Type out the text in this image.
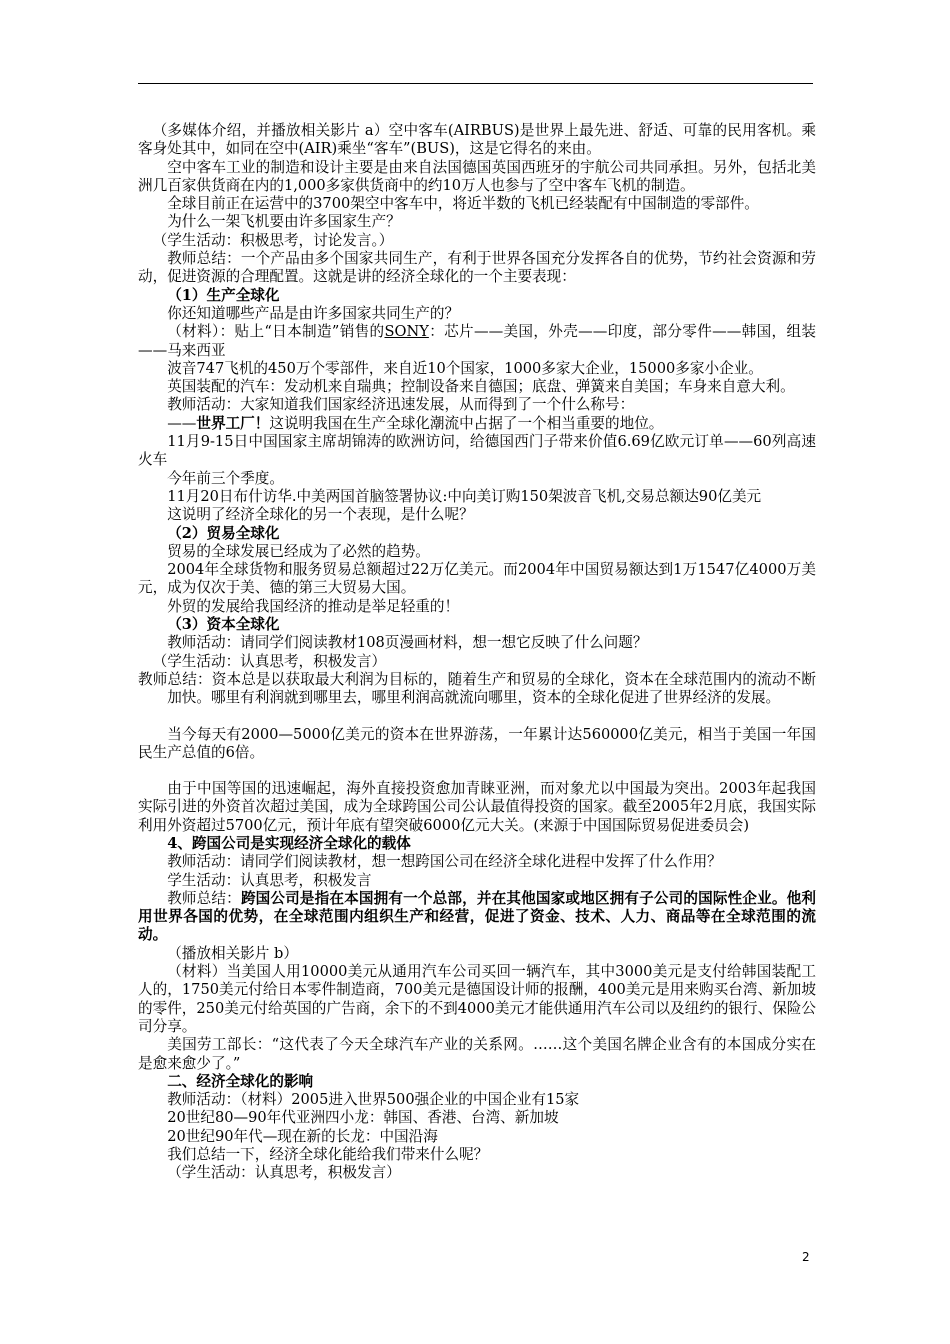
（多媒体介绍，并播放相关影片 a）空中客车(AIRBUS)是世界上最先进、舒适、可靠的民用客机。乘客身处其中，如同在空中(AIR)乘坐“客车”(BUS)，这是它得名的来由。

空中客车工业的制造和设计主要是由来自法国德国英国西班牙的宇航公司共同承担。另外，包括北美洲几百家供货商在内的1,000多家供货商中的约10万人也参与了空中客车飞机的制造。

全球目前正在运营中的3700架空中客车中，将近半数的飞机已经装配有中国制造的零部件。

为什么一架飞机要由许多国家生产？

（学生活动：积极思考，讨论发言。）

教师总结：一个产品由多个国家共同生产，有利于世界各国充分发挥各自的优势，节约社会资源和劳动，促进资源的合理配置。这就是讲的经济全球化的一个主要表现：

（1）生产全球化

你还知道哪些产品是由许多国家共同生产的？

（材料）：贴上“日本制造”销售的SONY：芯片——美国，外壳——印度，部分零件——韩国，组装——马来西亚

波音747飞机的450万个零部件，来自近10个国家，1000多家大企业，15000多家小企业。

英国装配的汽车：发动机来自瑞典；控制设备来自德国；底盘、弹簧来自美国；车身来自意大利。

教师活动：大家知道我们国家经济迅速发展，从而得到了一个什么称号：

——世界工厂！这说明我国在生产全球化潮流中占据了一个相当重要的地位。

11月9-15日中国国家主席胡锦涛的欧洲访问，给德国西门子带来价值6.69亿欧元订单——60列高速火车

今年前三个季度。

11月20日布什访华.中美两国首脑签署协议:中向美订购150架波音飞机,交易总额达90亿美元

这说明了经济全球化的另一个表现，是什么呢？

（2）贸易全球化

贸易的全球发展已经成为了必然的趋势。

2004年全球货物和服务贸易总额超过22万亿美元。而2004年中国贸易额达到1万1547亿4000万美元，成为仅次于美、德的第三大贸易大国。

外贸的发展给我国经济的推动是举足轻重的！

（3）资本全球化

教师活动：请同学们阅读教材108页漫画材料，想一想它反映了什么问题？

（学生活动：认真思考，积极发言）

教师总结：资本总是以获取最大利润为目标的，随着生产和贸易的全球化，资本在全球范围内的流动不断加快。哪里有利润就到哪里去，哪里利润高就流向哪里，资本的全球化促进了世界经济的发展。

当今每天有2000—5000亿美元的资本在世界游荡，一年累计达560000亿美元，相当于美国一年国民生产总值的6倍。

由于中国等国的迅速崛起，海外直接投资愈加青睐亚洲，而对象尤以中国最为突出。2003年起我国实际引进的外资首次超过美国，成为全球跨国公司公认最值得投资的国家。截至2005年2月底，我国实际利用外资超过5700亿元，预计年底有望突破6000亿元大关。(来源于中国国际贸易促进委员会)

4、跨国公司是实现经济全球化的载体

教师活动：请同学们阅读教材，想一想跨国公司在经济全球化进程中发挥了什么作用？

学生活动：认真思考，积极发言

教师总结：跨国公司是指在本国拥有一个总部，并在其他国家或地区拥有子公司的国际性企业。他利用世界各国的优势，在全球范围内组织生产和经营，促进了资金、技术、人力、商品等在全球范围的流动。

（播放相关影片 b）

（材料）当美国人用10000美元从通用汽车公司买回一辆汽车，其中3000美元是支付给韩国装配工人的，1750美元付给日本零件制造商，700美元是德国设计师的报酬，400美元是用来购买台湾、新加坡的零件，250美元付给英国的广告商，余下的不到4000美元才能供通用汽车公司以及纽约的银行、保险公司分享。

美国劳工部长：“这代表了今天全球汽车产业的关系网。……这个美国名牌企业含有的本国成分实在是愈来愈少了。”

二、经济全球化的影响

教师活动：（材料）2005进入世界500强企业的中国企业有15家

20世纪80—90年代亚洲四小龙：韩国、香港、台湾、新加坡

20世纪90年代—现在新的长龙：中国沿海

我们总结一下，经济全球化能给我们带来什么呢？

（学生活动：认真思考，积极发言）

2
